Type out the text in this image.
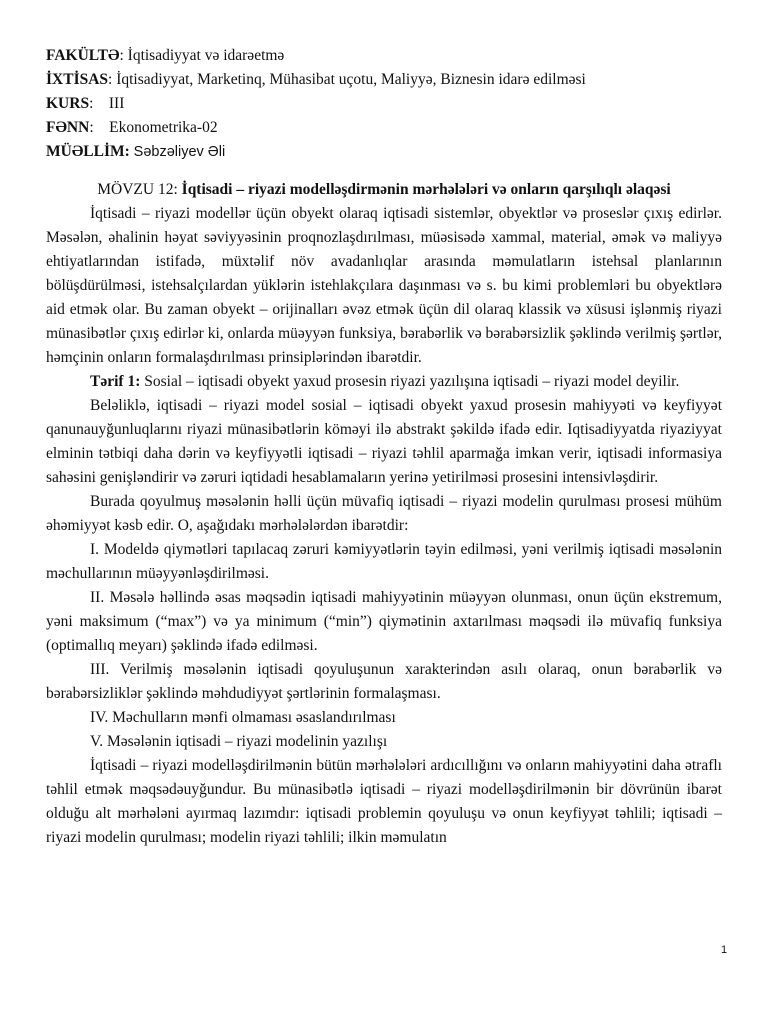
FAKÜLTƏ: İqtisadiyyat və idarəetmə
İXTİSAS: İqtisadiyyat, Marketinq, Mühasibat uçotu, Maliyyə, Biznesin idarə edilməsi
KURS:    III
FƏNN:    Ekonometrika-02
MÜƏLLİM: Səbzəliyev Əli
MÖVZU 12: İqtisadi – riyazi modelləşdirmənin mərhələləri və onların qarşılıqlı əlaqəsi

İqtisadi – riyazi modellər üçün obyekt olaraq iqtisadi sistemlər, obyektlər və proseslər çıxış edirlər. Məsələn, əhalinin həyat səviyyəsinin proqnozlaşdırılması, müəsisədə xammal, material, əmək və maliyyə ehtiyatlarından istifadə, müxtəlif növ avadanlıqlar arasında məmulatların istehsal planlarının bölüşdürülməsi, istehsalçılardan yüklərin istehlakçılara daşınması və s. bu kimi problemləri bu obyektlərə aid etmək olar. Bu zaman obyekt – orijinalları əvəz etmək üçün dil olaraq klassik və xüsusi işlənmiş riyazi münasibətlər çıxış edirlər ki, onlarda müəyyən funksiya, bərabərlik və bərabərsizlik şəklində verilmiş şərtlər, həmçinin onların formalaşdırılması prinsiplərindən ibarətdir.

Tərif 1: Sosial – iqtisadi obyekt yaxud prosesin riyazi yazılışına iqtisadi – riyazi model deyilir.

Beləliklə, iqtisadi – riyazi model sosial – iqtisadi obyekt yaxud prosesin mahiyyəti və keyfiyyət qanunauyğunluqlarını riyazi münasibətlərin köməyi ilə abstrakt şəkildə ifadə edir. Iqtisadiyyatda riyaziyyat elminin tətbiqi daha dərin və keyfiyyətli iqtisadi – riyazi təhlil aparmağa imkan verir, iqtisadi informasiya sahəsini genişləndirir və zəruri iqtidadi hesablamaların yerinə yetirilməsi prosesini intensivləşdirir.

Burada qoyulmuş məsələnin həlli üçün müvafiq iqtisadi – riyazi modelin qurulması prosesi mühüm əhəmiyyət kəsb edir. O, aşağıdakı mərhələlərdən ibarətdir:

I. Modeldə qiymətləri tapılacaq zəruri kəmiyyətlərin təyin edilməsi, yəni verilmiş iqtisadi məsələnin məchullarının müəyyənləşdirilməsi.

II. Məsələ həllində əsas məqsədin iqtisadi mahiyyətinin müəyyən olunması, onun üçün ekstremum, yəni maksimum (“max”) və ya minimum (“min”) qiymətinin axtarılması məqsədi ilə müvafiq funksiya (optimallıq meyarı) şəklində ifadə edilməsi.

III. Verilmiş məsələnin iqtisadi qoyuluşunun xarakterindən asılı olaraq, onun bərabərlik və bərabərsizliklər şəklində məhdudiyyət şərtlərinin formalaşması.

IV. Məchulların mənfi olmaması əsaslandırılması

V. Məsələnin iqtisadi – riyazi modelinin yazılışı

İqtisadi – riyazi modelləşdirilmənin bütün mərhələləri ardıcıllığını və onların mahiyyətini daha ətraflı təhlil etmək məqsədəuyğundur. Bu münasibətlə iqtisadi – riyazi modelləşdirilmənin bir dövrünün ibarət olduğu alt mərhələni ayırmaq lazımdır: iqtisadi problemin qoyuluşu və onun keyfiyyət təhlili; iqtisadi – riyazi modelin qurulması; modelin riyazi təhlili; ilkin məmulatın

1
